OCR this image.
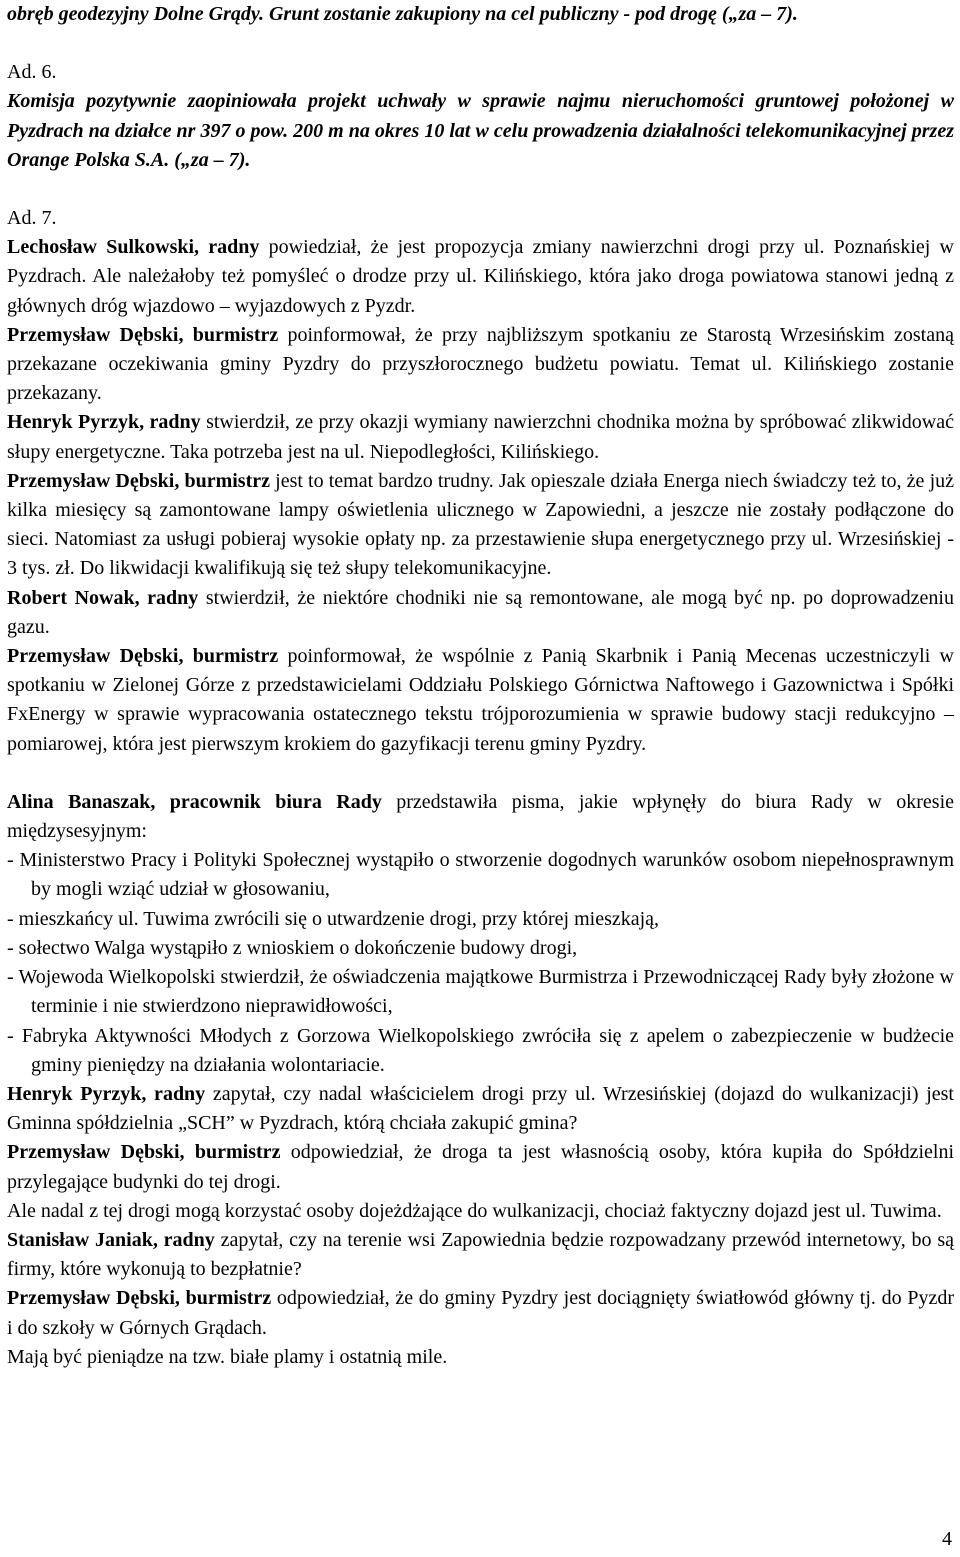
obręb geodezyjny Dolne Grądy. Grunt zostanie zakupiony na cel publiczny - pod drogę („za – 7).

Ad. 6.

Komisja pozytywnie zaopiniowała projekt uchwały w sprawie najmu nieruchomości gruntowej położonej w Pyzdrach na działce nr 397 o pow. 200 m na okres 10 lat w celu prowadzenia działalności telekomunikacyjnej przez Orange Polska S.A. („za – 7).

Ad. 7.

Lechosław Sulkowski, radny powiedział, że jest propozycja zmiany nawierzchni drogi przy ul. Poznańskiej w Pyzdrach. Ale należałoby też pomyśleć o drodze przy ul. Kilińskiego, która jako droga powiatowa stanowi jedną z głównych dróg wjazdowo – wyjazdowych z Pyzdr.

Przemysław Dębski, burmistrz poinformował, że przy najbliższym spotkaniu ze Starostą Wrzesińskim zostaną przekazane oczekiwania gminy Pyzdry do przyszłorocznego budżetu powiatu. Temat ul. Kilińskiego zostanie przekazany.

Henryk Pyrzyk, radny stwierdził, ze przy okazji wymiany nawierzchni chodnika można by spróbować zlikwidować słupy energetyczne. Taka potrzeba jest na ul. Niepodległości, Kilińskiego.

Przemysław Dębski, burmistrz jest to temat bardzo trudny. Jak opieszale działa Energa niech świadczy też to, że już kilka miesięcy są zamontowane lampy oświetlenia ulicznego w Zapowiedni, a jeszcze nie zostały podłączone do sieci. Natomiast za usługi pobieraj wysokie opłaty np. za przestawienie słupa energetycznego przy ul. Wrzesińskiej - 3 tys. zł. Do likwidacji kwalifikują się też słupy telekomunikacyjne.

Robert Nowak, radny stwierdził, że niektóre chodniki nie są remontowane, ale mogą być np. po doprowadzeniu gazu.

Przemysław Dębski, burmistrz poinformował, że wspólnie z Panią Skarbnik i Panią Mecenas uczestniczyli w spotkaniu w Zielonej Górze z przedstawicielami Oddziału Polskiego Górnictwa Naftowego i Gazownictwa i Spółki FxEnergy w sprawie wypracowania ostatecznego tekstu trójporozumienia w sprawie budowy stacji redukcyjno – pomiarowej, która jest pierwszym krokiem do gazyfikacji terenu gminy Pyzdry.

Alina Banaszak, pracownik biura Rady przedstawiła pisma, jakie wpłynęły do biura Rady w okresie międzysesyjnym:

- Ministerstwo Pracy i Polityki Społecznej wystąpiło o stworzenie dogodnych warunków osobom niepełnosprawnym by mogli wziąć udział w głosowaniu,

- mieszkańcy ul. Tuwima zwrócili się o utwardzenie drogi, przy której mieszkają,

- sołectwo Walga wystąpiło z wnioskiem o dokończenie budowy drogi,

- Wojewoda Wielkopolski stwierdził, że oświadczenia majątkowe Burmistrza i Przewodniczącej Rady były złożone w terminie i nie stwierdzono nieprawidłowości,

- Fabryka Aktywności Młodych z Gorzowa Wielkopolskiego zwróciła się z apelem o zabezpieczenie w budżecie gminy pieniędzy na działania wolontariacie.

Henryk Pyrzyk, radny zapytał, czy nadal właścicielem drogi przy ul. Wrzesińskiej (dojazd do wulkanizacji) jest Gminna spółdzielnia „SCH” w Pyzdrach, którą chciała zakupić gmina?

Przemysław Dębski, burmistrz odpowiedział, że droga ta jest własnością osoby, która kupiła do Spółdzielni przylegające budynki do tej drogi.

Ale nadal z tej drogi mogą korzystać osoby dojeżdżające do wulkanizacji, chociaż faktyczny dojazd jest ul. Tuwima.

Stanisław Janiak, radny zapytał, czy na terenie wsi Zapowiednia będzie rozpowadzany przewód internetowy, bo są firmy, które wykonują to bezpłatnie?

Przemysław Dębski, burmistrz odpowiedział, że do gminy Pyzdry jest dociągnięty światłowód główny tj. do Pyzdr i do szkoły w Górnych Grądach.

Mają być pieniądze na tzw. białe plamy i ostatnią mile.

4
